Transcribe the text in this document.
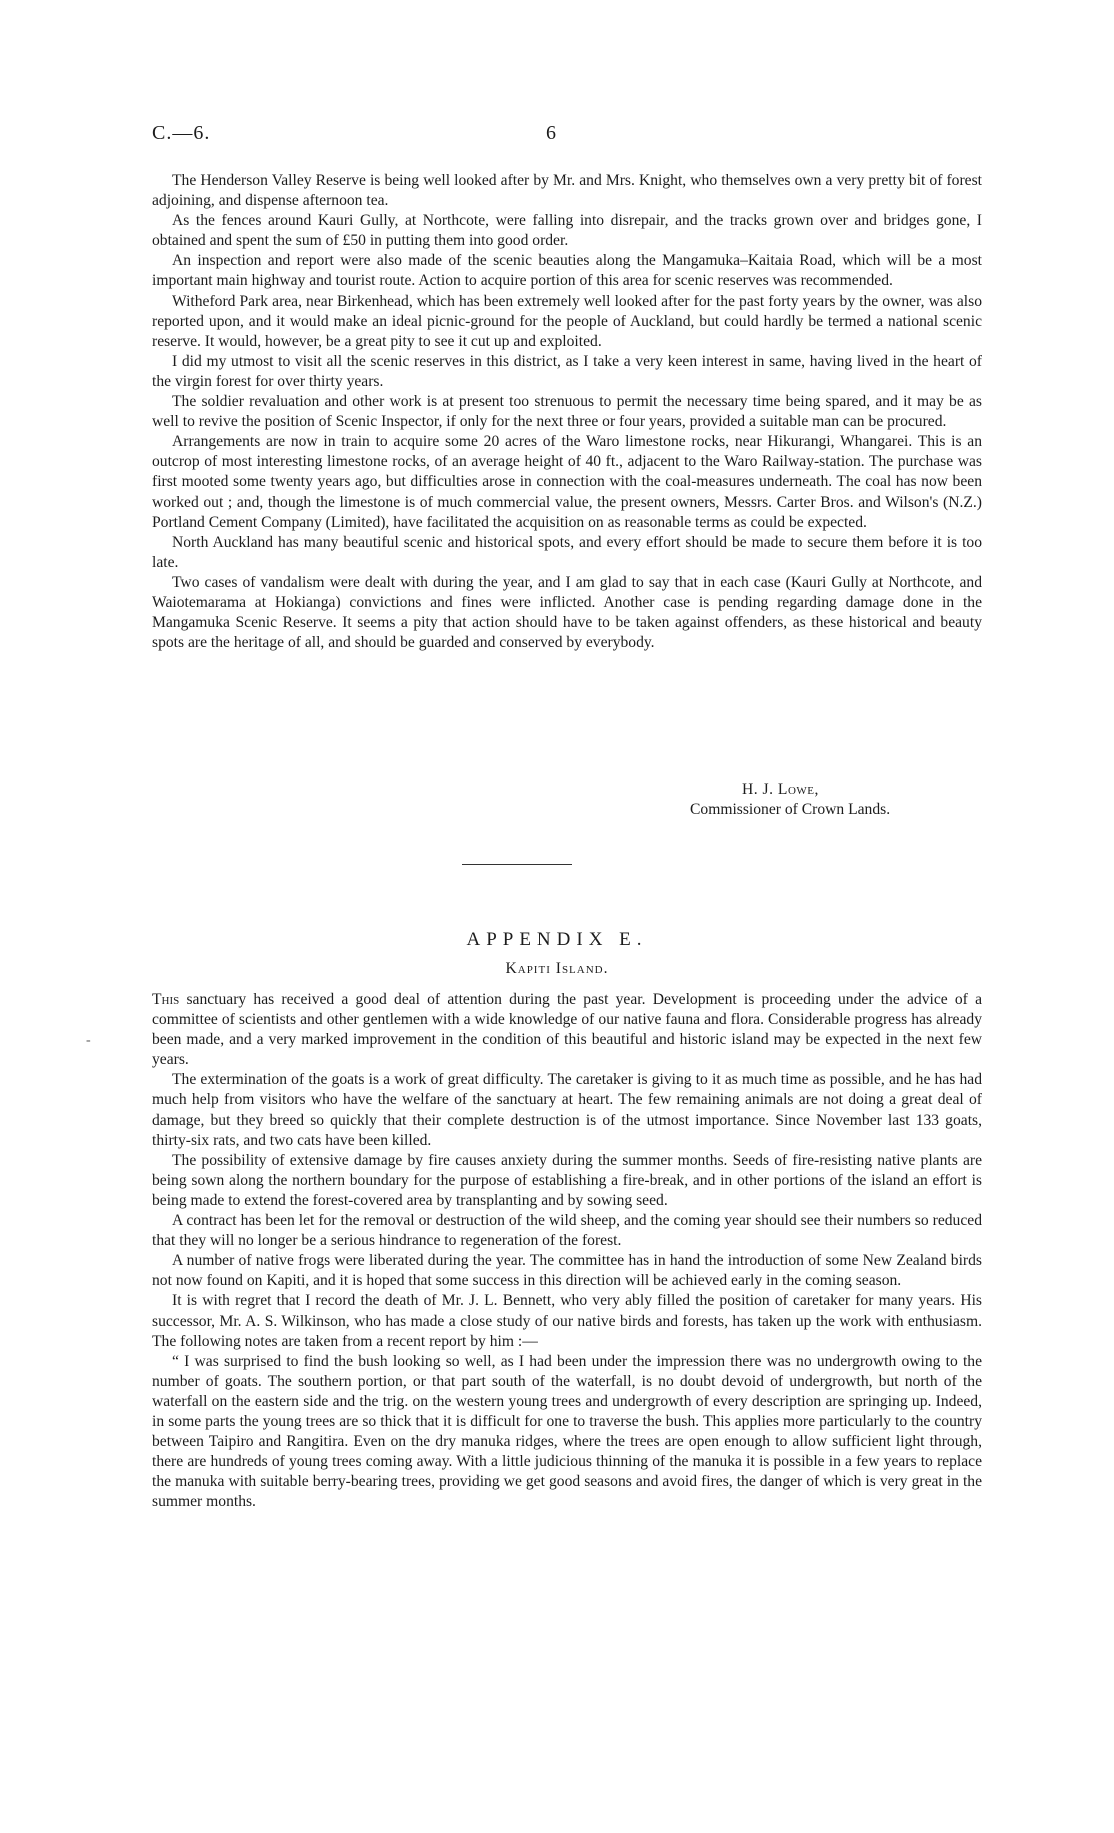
C.—6.	6

The Henderson Valley Reserve is being well looked after by Mr. and Mrs. Knight, who themselves own a very pretty bit of forest adjoining, and dispense afternoon tea.

As the fences around Kauri Gully, at Northcote, were falling into disrepair, and the tracks grown over and bridges gone, I obtained and spent the sum of £50 in putting them into good order.

An inspection and report were also made of the scenic beauties along the Mangamuka–Kaitaia Road, which will be a most important main highway and tourist route. Action to acquire portion of this area for scenic reserves was recommended.

Witheford Park area, near Birkenhead, which has been extremely well looked after for the past forty years by the owner, was also reported upon, and it would make an ideal picnic-ground for the people of Auckland, but could hardly be termed a national scenic reserve. It would, however, be a great pity to see it cut up and exploited.

I did my utmost to visit all the scenic reserves in this district, as I take a very keen interest in same, having lived in the heart of the virgin forest for over thirty years.

The soldier revaluation and other work is at present too strenuous to permit the necessary time being spared, and it may be as well to revive the position of Scenic Inspector, if only for the next three or four years, provided a suitable man can be procured.

Arrangements are now in train to acquire some 20 acres of the Waro limestone rocks, near Hikurangi, Whangarei. This is an outcrop of most interesting limestone rocks, of an average height of 40 ft., adjacent to the Waro Railway-station. The purchase was first mooted some twenty years ago, but difficulties arose in connection with the coal-measures underneath. The coal has now been worked out ; and, though the limestone is of much commercial value, the present owners, Messrs. Carter Bros. and Wilson's (N.Z.) Portland Cement Company (Limited), have facilitated the acquisition on as reasonable terms as could be expected.

North Auckland has many beautiful scenic and historical spots, and every effort should be made to secure them before it is too late.

Two cases of vandalism were dealt with during the year, and I am glad to say that in each case (Kauri Gully at Northcote, and Waiotemarama at Hokianga) convictions and fines were inflicted. Another case is pending regarding damage done in the Mangamuka Scenic Reserve. It seems a pity that action should have to be taken against offenders, as these historical and beauty spots are the heritage of all, and should be guarded and conserved by everybody.

H. J. Lowe,
Commissioner of Crown Lands.
APPENDIX E.
Kapiti Island.
-

This sanctuary has received a good deal of attention during the past year. Development is proceeding under the advice of a committee of scientists and other gentlemen with a wide knowledge of our native fauna and flora. Considerable progress has already been made, and a very marked improvement in the condition of this beautiful and historic island may be expected in the next few years.

The extermination of the goats is a work of great difficulty. The caretaker is giving to it as much time as possible, and he has had much help from visitors who have the welfare of the sanctuary at heart. The few remaining animals are not doing a great deal of damage, but they breed so quickly that their complete destruction is of the utmost importance. Since November last 133 goats, thirty-six rats, and two cats have been killed.

The possibility of extensive damage by fire causes anxiety during the summer months. Seeds of fire-resisting native plants are being sown along the northern boundary for the purpose of establishing a fire-break, and in other portions of the island an effort is being made to extend the forest-covered area by transplanting and by sowing seed.

A contract has been let for the removal or destruction of the wild sheep, and the coming year should see their numbers so reduced that they will no longer be a serious hindrance to regeneration of the forest.

A number of native frogs were liberated during the year. The committee has in hand the introduction of some New Zealand birds not now found on Kapiti, and it is hoped that some success in this direction will be achieved early in the coming season.

It is with regret that I record the death of Mr. J. L. Bennett, who very ably filled the position of caretaker for many years. His successor, Mr. A. S. Wilkinson, who has made a close study of our native birds and forests, has taken up the work with enthusiasm. The following notes are taken from a recent report by him :—

“ I was surprised to find the bush looking so well, as I had been under the impression there was no undergrowth owing to the number of goats. The southern portion, or that part south of the waterfall, is no doubt devoid of undergrowth, but north of the waterfall on the eastern side and the trig. on the western young trees and undergrowth of every description are springing up. Indeed, in some parts the young trees are so thick that it is difficult for one to traverse the bush. This applies more particularly to the country between Taipiro and Rangitira. Even on the dry manuka ridges, where the trees are open enough to allow sufficient light through, there are hundreds of young trees coming away. With a little judicious thinning of the manuka it is possible in a few years to replace the manuka with suitable berry-bearing trees, providing we get good seasons and avoid fires, the danger of which is very great in the summer months.
